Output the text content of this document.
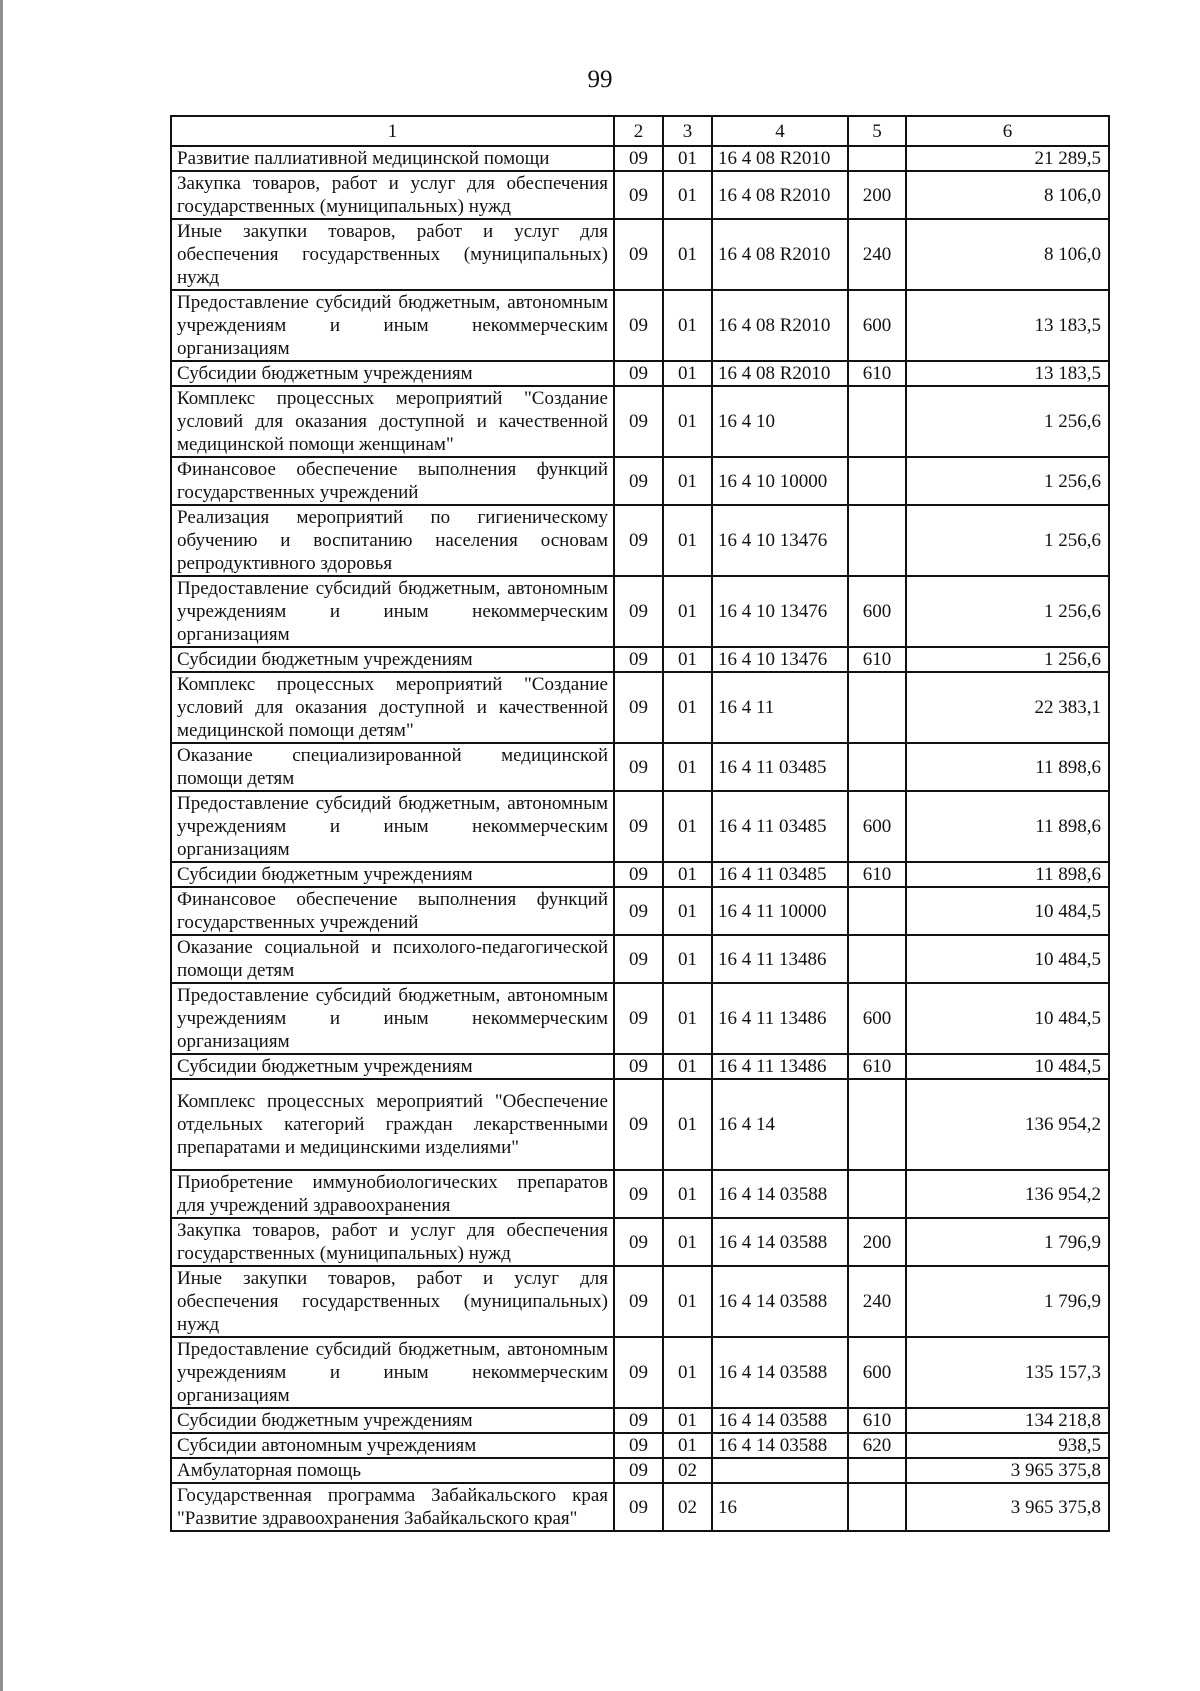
99
1	2	3	4	5	6
Развитие паллиативной медицинской помощи	09	01	16 4 08 R2010		21 289,5
Закупка товаров, работ и услуг для обеспечения государственных (муниципальных) нужд	09	01	16 4 08 R2010	200	8 106,0
Иные закупки товаров, работ и услуг для обеспечения государственных (муниципальных) нужд	09	01	16 4 08 R2010	240	8 106,0
Предоставление субсидий бюджетным, автономным учреждениям и иным некоммерческим организациям	09	01	16 4 08 R2010	600	13 183,5
Субсидии бюджетным учреждениям	09	01	16 4 08 R2010	610	13 183,5
Комплекс процессных мероприятий "Создание условий для оказания доступной и качественной медицинской помощи женщинам"	09	01	16 4 10		1 256,6
Финансовое обеспечение выполнения функций государственных учреждений	09	01	16 4 10 10000		1 256,6
Реализация мероприятий по гигиеническому обучению и воспитанию населения основам репродуктивного здоровья	09	01	16 4 10 13476		1 256,6
Предоставление субсидий бюджетным, автономным учреждениям и иным некоммерческим организациям	09	01	16 4 10 13476	600	1 256,6
Субсидии бюджетным учреждениям	09	01	16 4 10 13476	610	1 256,6
Комплекс процессных мероприятий "Создание условий для оказания доступной и качественной медицинской помощи детям"	09	01	16 4 11		22 383,1
Оказание специализированной медицинской помощи детям	09	01	16 4 11 03485		11 898,6
Предоставление субсидий бюджетным, автономным учреждениям и иным некоммерческим организациям	09	01	16 4 11 03485	600	11 898,6
Субсидии бюджетным учреждениям	09	01	16 4 11 03485	610	11 898,6
Финансовое обеспечение выполнения функций государственных учреждений	09	01	16 4 11 10000		10 484,5
Оказание социальной и психолого-педагогической помощи детям	09	01	16 4 11 13486		10 484,5
Предоставление субсидий бюджетным, автономным учреждениям и иным некоммерческим организациям	09	01	16 4 11 13486	600	10 484,5
Субсидии бюджетным учреждениям	09	01	16 4 11 13486	610	10 484,5
Комплекс процессных мероприятий "Обеспечение отдельных категорий граждан лекарственными препаратами и медицинскими изделиями"	09	01	16 4 14		136 954,2
Приобретение иммунобиологических препаратов для учреждений здравоохранения	09	01	16 4 14 03588		136 954,2
Закупка товаров, работ и услуг для обеспечения государственных (муниципальных) нужд	09	01	16 4 14 03588	200	1 796,9
Иные закупки товаров, работ и услуг для обеспечения государственных (муниципальных) нужд	09	01	16 4 14 03588	240	1 796,9
Предоставление субсидий бюджетным, автономным учреждениям и иным некоммерческим организациям	09	01	16 4 14 03588	600	135 157,3
Субсидии бюджетным учреждениям	09	01	16 4 14 03588	610	134 218,8
Субсидии автономным учреждениям	09	01	16 4 14 03588	620	938,5
Амбулаторная помощь	09	02			3 965 375,8
Государственная программа Забайкальского края "Развитие здравоохранения Забайкальского края"	09	02	16		3 965 375,8
